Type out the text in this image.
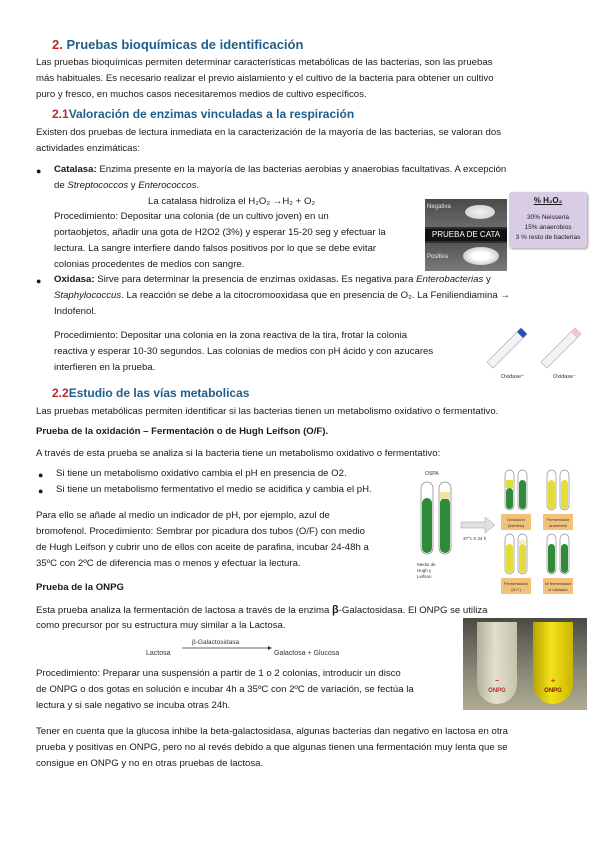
2. Pruebas bioquímicas de identificación
Las pruebas bioquímicas permiten determinar características metabólicas de las bacterias, son las pruebas
más habituales. Es necesario realizar el previo aislamiento y el cultivo de la bacteria para obtener un cultivo
puro y fresco, en muchos casos necesitaremos medios de cultivo específicos.
2.1Valoración de enzimas vinculadas a la respiración
Existen dos pruebas de lectura inmediata en la caracterización de la mayoría de las bacterias, se valoran dos
actividades enzimáticas:
● Catalasa: Enzima presente en la mayoría de las bacterias aerobias y anaerobias facultativas. A excepción
de Streptococcos y Enterococcos.
La catalasa hidroliza el H₂O₂ →H₂ + O₂
Procedimiento: Depositar una colonia (de un cultivo joven) en un
portaobjetos, añadir una gota de H2O2 (3%) y esperar 15-20 seg y efectuar la
lectura. La sangre interfiere dando falsos positivos por lo que se debe evitar
colonias procedentes de medios con sangre.
Negativa
PRUEBA DE CATA
Positiva
% H₂O₂
30% Neisseria
15% anaerobios
3 % resto de bacterias
● Oxidasa: Sirve para determinar la presencia de enzimas oxidasas. Es negativa para Enterobacterias y
Staphylococcus. La reacción se debe a la citocromooxidasa que en presencia de O₂. La Feniliendiamina →
Indofenol.
Procedimiento: Depositar una colonia en la zona reactiva de la tira, frotar la colonia
reactiva y esperar 10-30 segundos. Las colonias de medios con pH ácido y con azucares
interfieren en la prueba.
Oxidase⁺	Oxidase⁻
2.2Estudio de las vías metabolicas
Las pruebas metabólicas permiten identificar si las bacterias tienen un metabolismo oxidativo o fermentativo.
Prueba de la oxidación – Fermentación o de Hugh Leifson (O/F).
A través de esta prueba se analiza si la bacteria tiene un metabolismo oxidativo o fermentativo:
● Si tiene un metabolismo oxidativo cambia el pH en presencia de O2.
● Si tiene un metabolismo fermentativo el medio se acidifica y cambia el pH.
Para ello se añade al medio un indicador de pH, por ejemplo, azul de
bromofenol. Procedimiento: Sembrar por picadura dos tubos (O/F) con medio
de Hugh Leifson y cubrir uno de ellos con aceite de parafina, incubar 24-48h a
35ºC con 2ºC de diferencia mas o menos y efectuar la lectura.
OSPA
Medio de
Hugh y
Leifson
37°c X 24 h
Oxidación
(Aerobio)
Fermentador
anaerobio
Fermentación
(A.F.)
Ni fermentador
ni oxidador
Prueba de la ONPG
Esta prueba analiza la fermentación de lactosa a través de la enzima β-Galactosidasa. El ONPG se utiliza
como precursor por su estructura muy similar a la Lactosa.
Lactosa
β-Galactosidasa
Galactosa + Glucosa
Procedimiento: Preparar una suspensión a partir de 1 o 2 colonias, introducir un disco
de ONPG o dos gotas en solución e incubar 4h a 35ºC con 2ºC de variación, se fectúa la
lectura y si sale negativo se incuba otras 24h.
−	+
ONPG	ONPG
Tener en cuenta que la glucosa inhibe la beta-galactosidasa, algunas bacterias dan negativo en lactosa en otra
prueba y positivas en ONPG, pero no al revés debido a que algunas tienen una fermentación muy lenta que se
consigue en ONPG y no en otras pruebas de lactosa.
